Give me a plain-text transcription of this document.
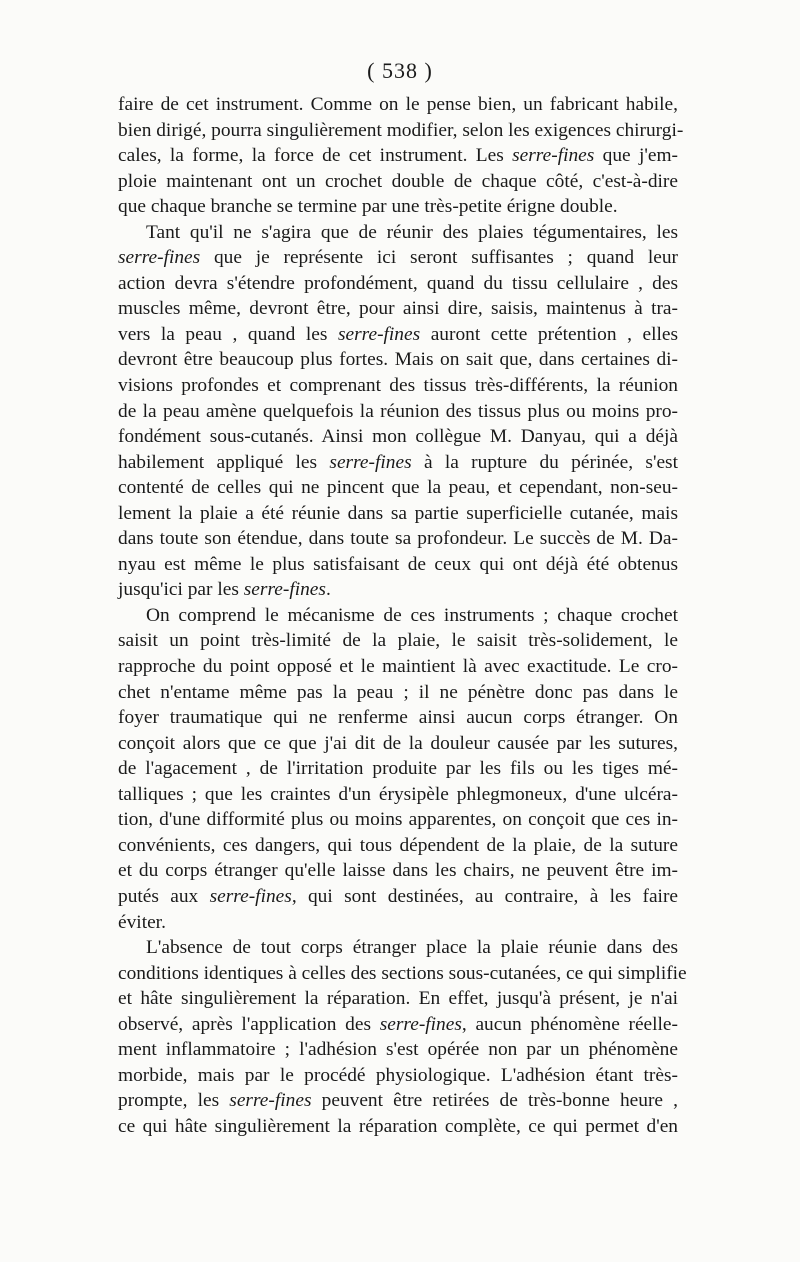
( 538 )

faire de cet instrument. Comme on le pense bien, un fabricant habile,
bien dirigé, pourra singulièrement modifier, selon les exigences chirurgi-
cales, la forme, la force de cet instrument. Les serre-fines que j'em-
ploie maintenant ont un crochet double de chaque côté, c'est-à-dire
que chaque branche se termine par une très-petite érigne double.

Tant qu'il ne s'agira que de réunir des plaies tégumentaires, les
serre-fines que je représente ici seront suffisantes ; quand leur
action devra s'étendre profondément, quand du tissu cellulaire , des
muscles même, devront être, pour ainsi dire, saisis, maintenus à tra-
vers la peau , quand les serre-fines auront cette prétention , elles
devront être beaucoup plus fortes. Mais on sait que, dans certaines di-
visions profondes et comprenant des tissus très-différents, la réunion
de la peau amène quelquefois la réunion des tissus plus ou moins pro-
fondément sous-cutanés. Ainsi mon collègue M. Danyau, qui a déjà
habilement appliqué les serre-fines à la rupture du périnée, s'est
contenté de celles qui ne pincent que la peau, et cependant, non-seu-
lement la plaie a été réunie dans sa partie superficielle cutanée, mais
dans toute son étendue, dans toute sa profondeur. Le succès de M. Da-
nyau est même le plus satisfaisant de ceux qui ont déjà été obtenus
jusqu'ici par les serre-fines.

On comprend le mécanisme de ces instruments ; chaque crochet
saisit un point très-limité de la plaie, le saisit très-solidement, le
rapproche du point opposé et le maintient là avec exactitude. Le cro-
chet n'entame même pas la peau ; il ne pénètre donc pas dans le
foyer traumatique qui ne renferme ainsi aucun corps étranger. On
conçoit alors que ce que j'ai dit de la douleur causée par les sutures,
de l'agacement , de l'irritation produite par les fils ou les tiges mé-
talliques ; que les craintes d'un érysipèle phlegmoneux, d'une ulcéra-
tion, d'une difformité plus ou moins apparentes, on conçoit que ces in-
convénients, ces dangers, qui tous dépendent de la plaie, de la suture
et du corps étranger qu'elle laisse dans les chairs, ne peuvent être im-
putés aux serre-fines, qui sont destinées, au contraire, à les faire
éviter.

L'absence de tout corps étranger place la plaie réunie dans des
conditions identiques à celles des sections sous-cutanées, ce qui simplifie
et hâte singulièrement la réparation. En effet, jusqu'à présent, je n'ai
observé, après l'application des serre-fines, aucun phénomène réelle-
ment inflammatoire ; l'adhésion s'est opérée non par un phénomène
morbide, mais par le procédé physiologique. L'adhésion étant très-
prompte, les serre-fines peuvent être retirées de très-bonne heure ,
ce qui hâte singulièrement la réparation complète, ce qui permet d'en
